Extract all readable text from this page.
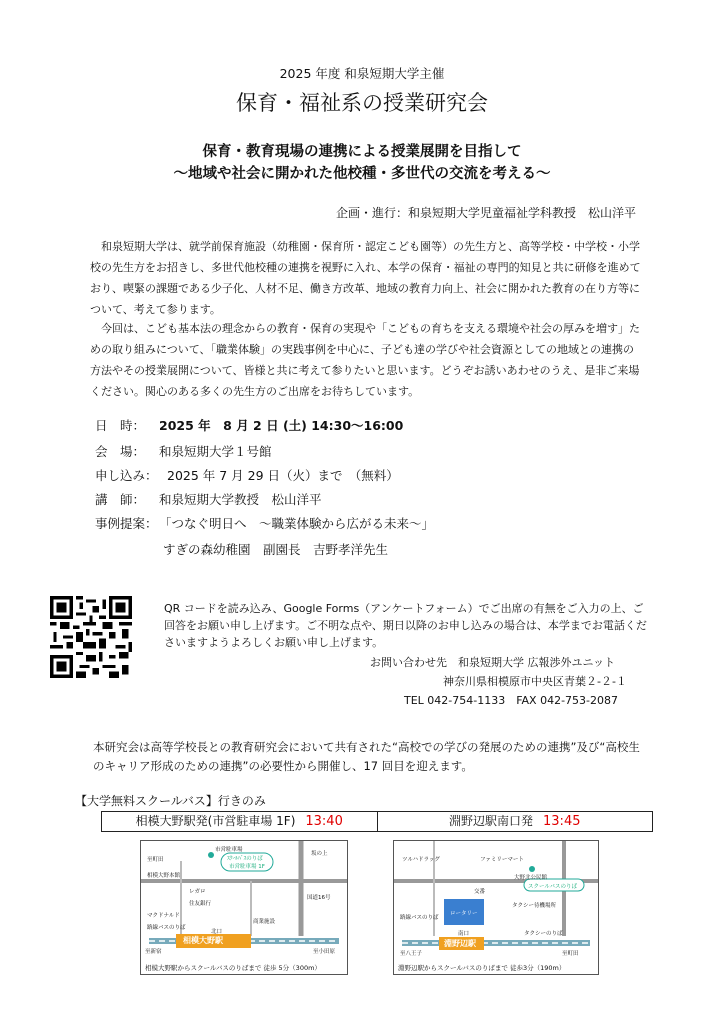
2025 年度 和泉短期大学主催
保育・福祉系の授業研究会
保育・教育現場の連携による授業展開を目指して
～地域や社会に開かれた他校種・多世代の交流を考える～
企画・進行：和泉短期大学児童福祉学科教授　松山洋平
和泉短期大学は、就学前保育施設（幼稚園・保育所・認定こども園等）の先生方と、高等学校・中学校・小学校の先生方をお招きし、多世代他校種の連携を視野に入れ、本学の保育・福祉の専門的知見と共に研修を進めており、喫緊の課題である少子化、人材不足、働き方改革、地域の教育力向上、社会に開かれた教育の在り方等について、考えて参ります。
今回は、こども基本法の理念からの教育・保育の実現や「こどもの育ちを支える環境や社会の厚みを増す」ための取り組みについて、「職業体験」の実践事例を中心に、子ども達の学びや社会資源としての地域との連携の方法やその授業展開について、皆様と共に考えて参りたいと思います。どうぞお誘いあわせのうえ、是非ご来場ください。関心のある多くの先生方のご出席をお待ちしています。
日　時： 2025 年　8 月 2 日 (土) 14:30～16:00
会　場： 和泉短期大学１号館
申し込み： 2025 年 7 月 29 日（火）まで　（無料）
講　師： 和泉短期大学教授　松山洋平
事例提案：「つなぐ明日へ　～職業体験から広がる未来～」
すぎの森幼稚園　副園長　吉野孝洋先生
QR コードを読み込み、Google Forms（アンケートフォーム）でご出席の有無をご入力の上、ご回答をお願い申し上げます。ご不明な点や、期日以降のお申し込みの場合は、本学までお電話くださいますようよろしくお願い申し上げます。
お問い合わせ先　和泉短期大学 広報渉外ユニット
神奈川県相模原市中央区青葉２-２-１
TEL 042-754-1133　FAX 042-753-2087
本研究会は高等学校長との教育研究会において共有された“高校での学びの発展のための連携”及び“高校生のキャリア形成のための連携”の必要性から開催し、17 回目を迎えます。
【大学無料スクールバス】行きのみ
相模大野駅発(市営駐車場 1F) 13:40	淵野辺駅南口発 13:45
市営駐車場
至町田	ｽｸｰﾙﾊﾞｽのりば
市営駐車場 1F
坂の上
相模大野本館
レガロ
住友銀行
国道16号
マクドナルド
商業施設
路線バスのりば
北口
至新宿	至小田原
相模大野駅
相模大野駅からスクールバスのりばまで 徒歩 5分（300m）
ツルハドラッグ	ファミリーマート
大野北公民館
スクールバスのりば
交番
ロータリー
タクシー待機場所
路線バスのりば
南口	タクシーのりば
至八王子	至町田
淵野辺駅
淵野辺駅からスクールバスのりばまで 徒歩3分（190m）
